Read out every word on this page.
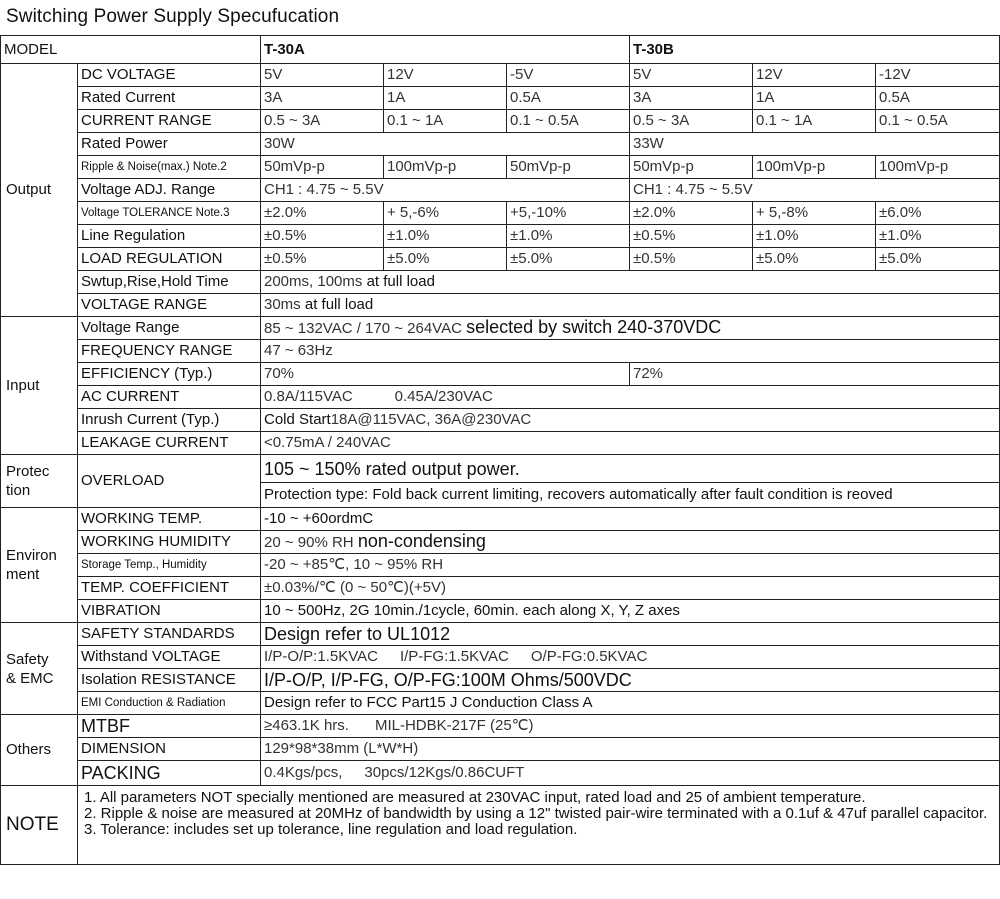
Switching Power Supply Specufucation
MODEL		T-30A			T-30B		
Output	DC VOLTAGE	5V	12V	-5V	5V	12V	-12V
	Rated Current	3A	1A	0.5A	3A	1A	0.5A
	CURRENT RANGE	0.5 ~ 3A	0.1 ~ 1A	0.1 ~ 0.5A	0.5 ~ 3A	0.1 ~ 1A	0.1 ~ 0.5A
	Rated Power	30W			33W		
	Ripple & Noise(max.) Note.2	50mVp-p	100mVp-p	50mVp-p	50mVp-p	100mVp-p	100mVp-p
	Voltage ADJ. Range	CH1 : 4.75 ~ 5.5V			CH1 : 4.75 ~ 5.5V		
	Voltage TOLERANCE Note.3	±2.0%	+ 5,-6%	+5,-10%	±2.0%	+ 5,-8%	±6.0%
	Line Regulation	±0.5%	±1.0%	±1.0%	±0.5%	±1.0%	±1.0%
	LOAD REGULATION	±0.5%	±5.0%	±5.0%	±0.5%	±5.0%	±5.0%
	Swtup,Rise,Hold Time	200ms, 100ms at full load					
	VOLTAGE RANGE	30ms at full load					
Input	Voltage Range	85 ~ 132VAC / 170 ~ 264VAC selected by switch 240-370VDC					
	FREQUENCY RANGE	47 ~ 63Hz					
	EFFICIENCY (Typ.)	70%			72%		
	AC CURRENT	0.8A/115VAC 0.45A/230VAC					
	Inrush Current (Typ.)	Cold Start18A@115VAC, 36A@230VAC					
	LEAKAGE CURRENT	<0.75mA / 240VAC					

Protec
tion	OVERLOAD	105 ~ 150% rated output power.					
		Protection type: Fold back current limiting, recovers automatically after fault condition is reoved					

Environ
ment	WORKING TEMP.	-10 ~ +60ordmC					
	WORKING HUMIDITY	20 ~ 90% RH non-condensing					
	Storage Temp., Humidity	-20 ~ +85℃, 10 ~ 95% RH					
	TEMP. COEFFICIENT	±0.03%/℃ (0 ~ 50℃)(+5V)					
	VIBRATION	10 ~ 500Hz, 2G 10min./1cycle, 60min. each along X, Y, Z axes					

Safety
& EMC	SAFETY STANDARDS	Design refer to UL1012					
	Withstand VOLTAGE	I/P-O/P:1.5KVAC I/P-FG:1.5KVAC O/P-FG:0.5KVAC					
	Isolation RESISTANCE	I/P-O/P, I/P-FG, O/P-FG:100M Ohms/500VDC					
	EMI Conduction & Radiation	Design refer to FCC Part15 J Conduction Class A					
Others	MTBF	≥463.1K hrs. MIL-HDBK-217F (25℃)					
	DIMENSION	129*98*38mm (L*W*H)					
	PACKING	0.4Kgs/pcs, 30pcs/12Kgs/0.86CUFT					
NOTE	1. All parameters NOT specially mentioned are measured at 230VAC input, rated load and 25 of ambient temperature.
2. Ripple & noise are measured at 20MHz of bandwidth by using a 12" twisted pair-wire terminated with a 0.1uf & 47uf parallel capacitor.
3. Tolerance: includes set up tolerance, line regulation and load regulation.						
